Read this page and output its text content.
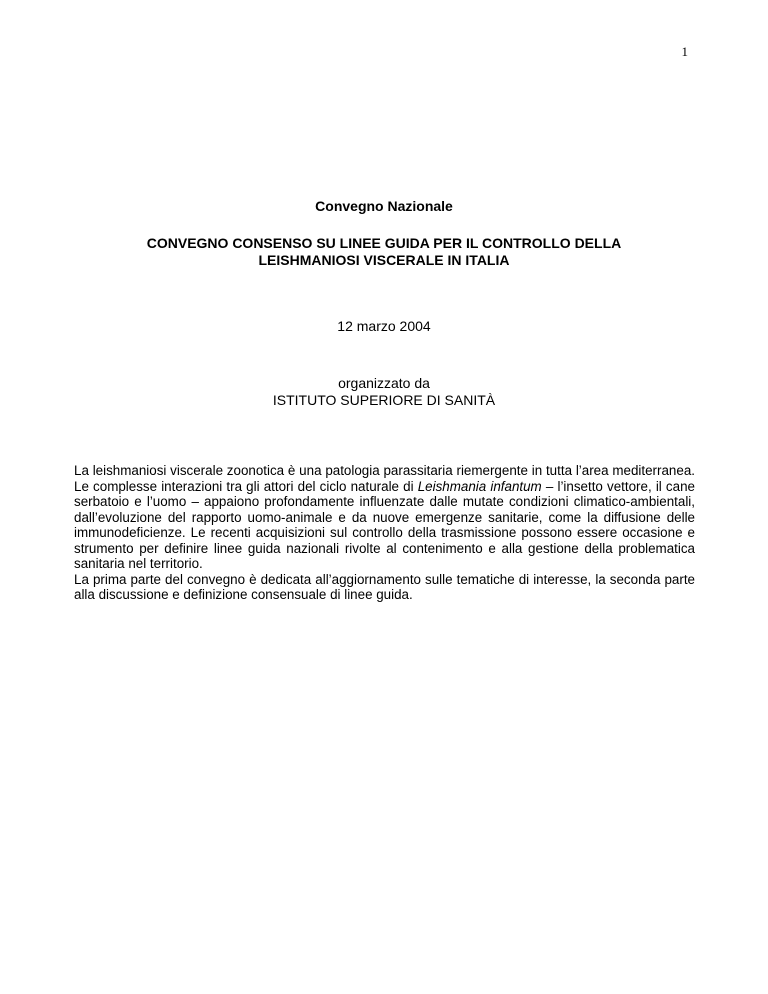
1
Convegno Nazionale
CONVEGNO CONSENSO SU LINEE GUIDA PER IL CONTROLLO DELLA
LEISHMANIOSI VISCERALE IN ITALIA
12 marzo 2004
organizzato da
ISTITUTO SUPERIORE DI SANITÀ

La leishmaniosi viscerale zoonotica è una patologia parassitaria riemergente in tutta l’area mediterranea. Le complesse interazioni tra gli attori del ciclo naturale di Leishmania infantum – l’insetto vettore, il cane serbatoio e l’uomo – appaiono profondamente influenzate dalle mutate condizioni climatico-ambientali, dall’evoluzione del rapporto uomo-animale e da nuove emergenze sanitarie, come la diffusione delle immunodeficienze. Le recenti acquisizioni sul controllo della trasmissione possono essere occasione e strumento per definire linee guida nazionali rivolte al contenimento e alla gestione della problematica sanitaria nel territorio.

La prima parte del convegno è dedicata all’aggiornamento sulle tematiche di interesse, la seconda parte alla discussione e definizione consensuale di linee guida.
